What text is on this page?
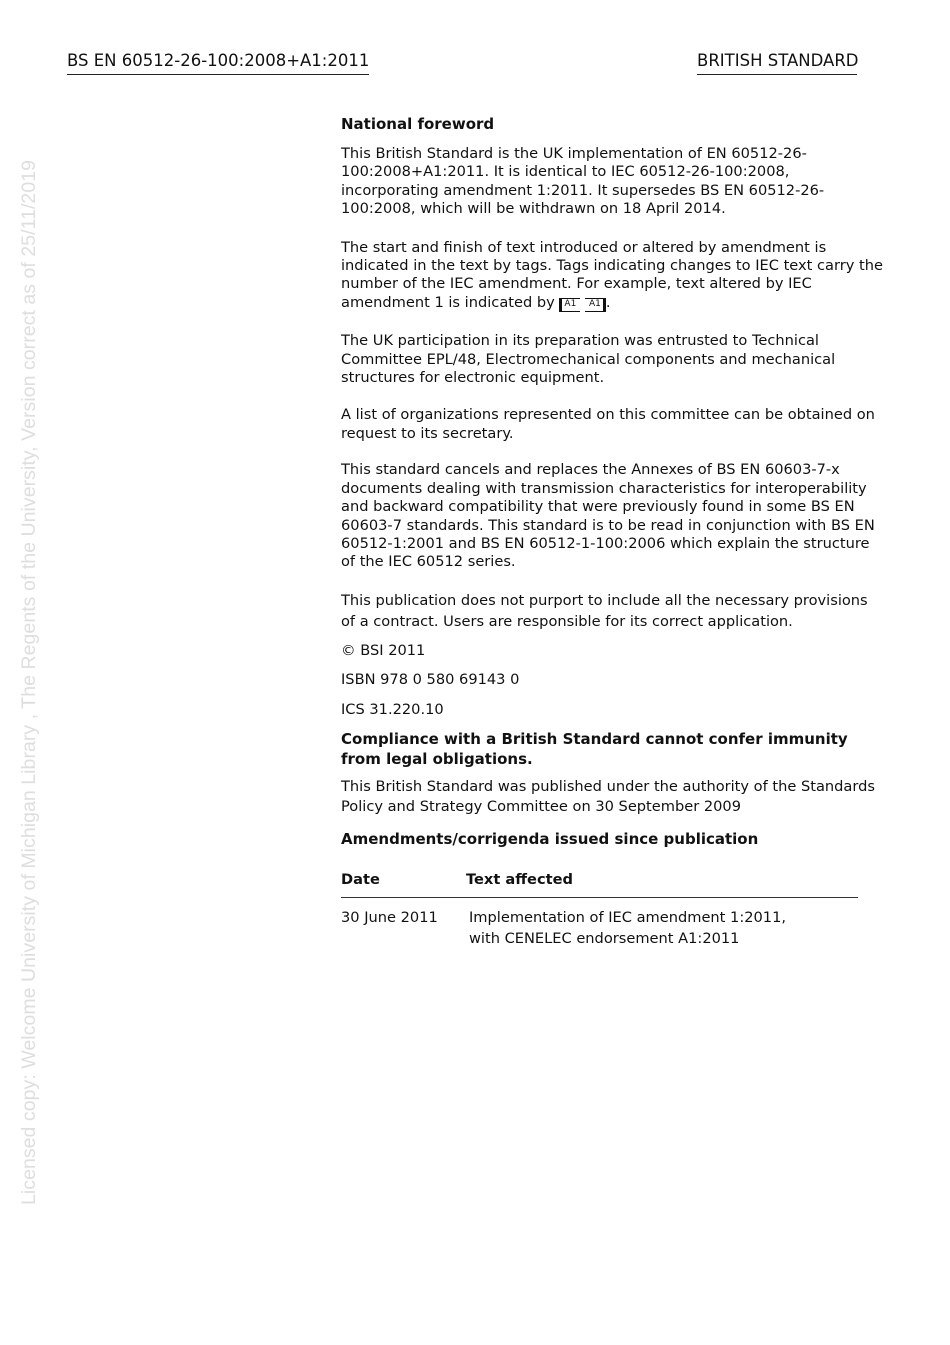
BS EN 60512-26-100:2008+A1:2011	BRITISH STANDARD
Licensed copy: Welcome University of Michigan Library , The Regents of the University, Version correct as of 25/11/2019

National foreword

This British Standard is the UK implementation of EN 60512-26-100:2008+A1:2011. It is identical to IEC 60512-26-100:2008, incorporating amendment 1:2011. It supersedes BS EN 60512-26-100:2008, which will be withdrawn on 18 April 2014.

The start and finish of text introduced or altered by amendment is indicated in the text by tags. Tags indicating changes to IEC text carry the number of the IEC amendment. For example, text altered by IEC amendment 1 is indicated by A1 A1 .

The UK participation in its preparation was entrusted to Technical Committee EPL/48, Electromechanical components and mechanical structures for electronic equipment.

A list of organizations represented on this committee can be obtained on request to its secretary.

This standard cancels and replaces the Annexes of BS EN 60603-7-x documents dealing with transmission characteristics for interoperability and backward compatibility that were previously found in some BS EN 60603-7 standards. This standard is to be read in conjunction with BS EN 60512-1:2001 and BS EN 60512-1-100:2006 which explain the structure of the IEC 60512 series.

This publication does not purport to include all the necessary provisions of a contract. Users are responsible for its correct application.

© BSI 2011

ISBN 978 0 580 69143 0

ICS 31.220.10

Compliance with a British Standard cannot confer immunity from legal obligations.

This British Standard was published under the authority of the Standards Policy and Strategy Committee on 30 September 2009

Amendments/corrigenda issued since publication

Date	Text affected
30 June 2011	Implementation of IEC amendment 1:2011,
with CENELEC endorsement A1:2011
